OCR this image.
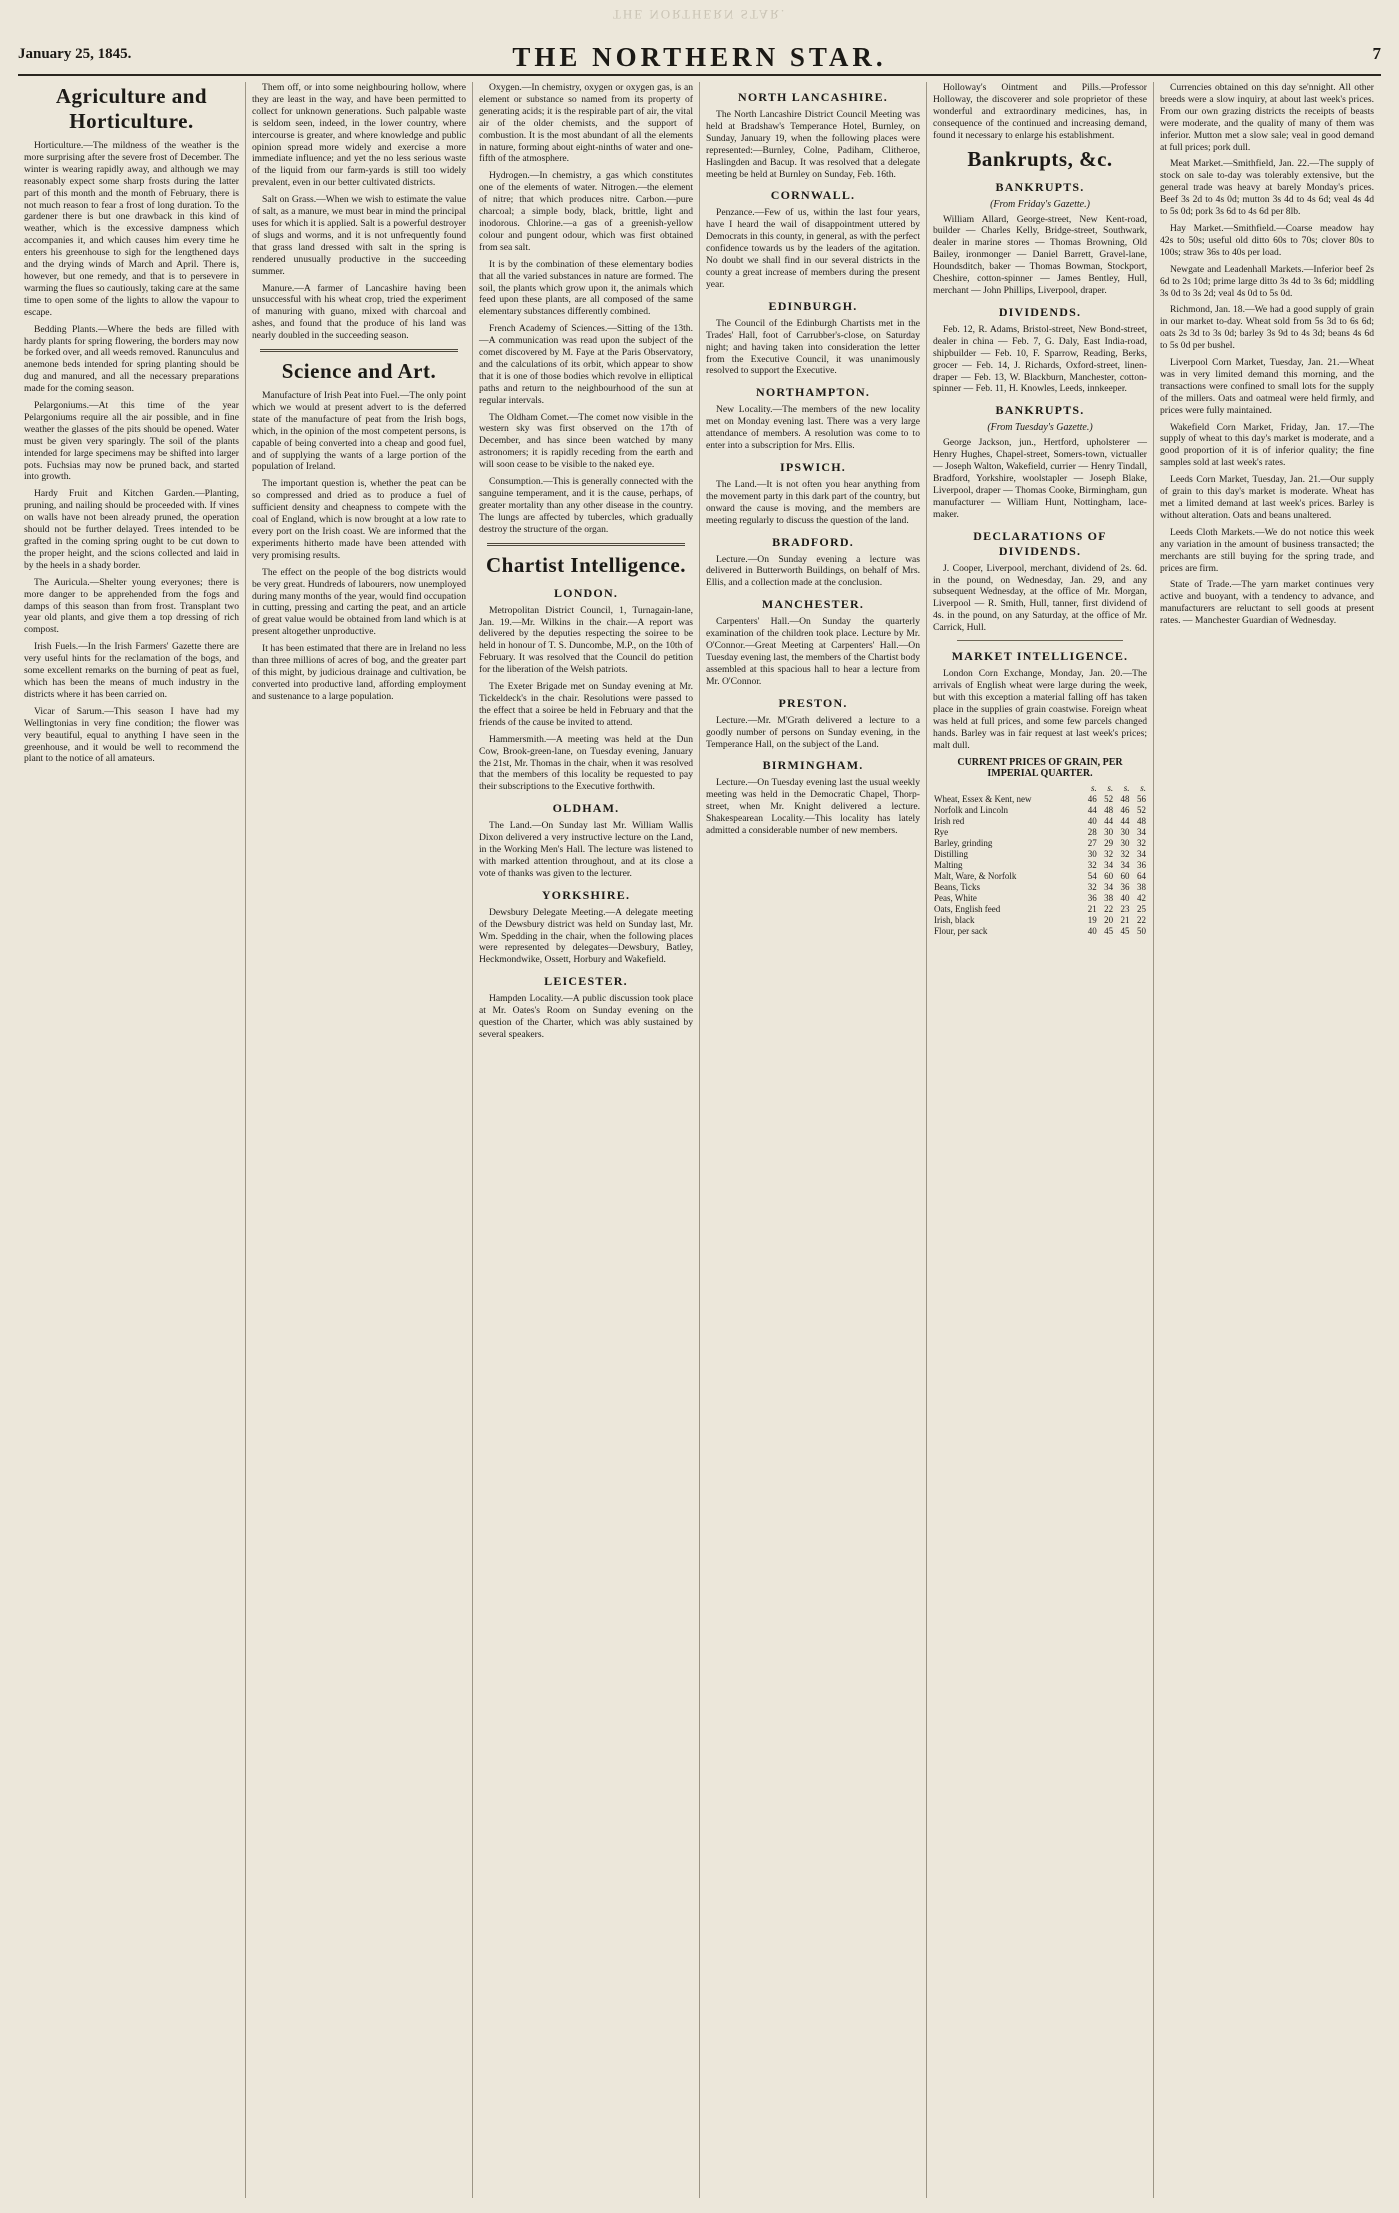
THE NORTHERN STAR.
January 25, 1845.	THE NORTHERN STAR.	7
Agriculture and Horticulture.

Horticulture.—The mildness of the weather is the more surprising after the severe frost of December. The winter is wearing rapidly away, and although we may reasonably expect some sharp frosts during the latter part of this month and the month of February, there is not much reason to fear a frost of long duration. To the gardener there is but one drawback in this kind of weather, which is the excessive dampness which accompanies it, and which causes him every time he enters his greenhouse to sigh for the lengthened days and the drying winds of March and April. There is, however, but one remedy, and that is to persevere in warming the flues so cautiously, taking care at the same time to open some of the lights to allow the vapour to escape.

Bedding Plants.—Where the beds are filled with hardy plants for spring flowering, the borders may now be forked over, and all weeds removed. Ranunculus and anemone beds intended for spring planting should be dug and manured, and all the necessary preparations made for the coming season.

Pelargoniums.—At this time of the year Pelargoniums require all the air possible, and in fine weather the glasses of the pits should be opened. Water must be given very sparingly. The soil of the plants intended for large specimens may be shifted into larger pots. Fuchsias may now be pruned back, and started into growth.

Hardy Fruit and Kitchen Garden.—Planting, pruning, and nailing should be proceeded with. If vines on walls have not been already pruned, the operation should not be further delayed. Trees intended to be grafted in the coming spring ought to be cut down to the proper height, and the scions collected and laid in by the heels in a shady border.

The Auricula.—Shelter young everyones; there is more danger to be apprehended from the fogs and damps of this season than from frost. Transplant two year old plants, and give them a top dressing of rich compost.

Irish Fuels.—In the Irish Farmers' Gazette there are very useful hints for the reclamation of the bogs, and some excellent remarks on the burning of peat as fuel, which has been the means of much industry in the districts where it has been carried on.

Vicar of Sarum.—This season I have had my Wellingtonias in very fine condition; the flower was very beautiful, equal to anything I have seen in the greenhouse, and it would be well to recommend the plant to the notice of all amateurs.

Them off, or into some neighbouring hollow, where they are least in the way, and have been permitted to collect for unknown generations. Such palpable waste is seldom seen, indeed, in the lower country, where intercourse is greater, and where knowledge and public opinion spread more widely and exercise a more immediate influence; and yet the no less serious waste of the liquid from our farm-yards is still too widely prevalent, even in our better cultivated districts.

Salt on Grass.—When we wish to estimate the value of salt, as a manure, we must bear in mind the principal uses for which it is applied. Salt is a powerful destroyer of slugs and worms, and it is not unfrequently found that grass land dressed with salt in the spring is rendered unusually productive in the succeeding summer.

Manure.—A farmer of Lancashire having been unsuccessful with his wheat crop, tried the experiment of manuring with guano, mixed with charcoal and ashes, and found that the produce of his land was nearly doubled in the succeeding season.

Science and Art.

Manufacture of Irish Peat into Fuel.—The only point which we would at present advert to is the deferred state of the manufacture of peat from the Irish bogs, which, in the opinion of the most competent persons, is capable of being converted into a cheap and good fuel, and of supplying the wants of a large portion of the population of Ireland.

The important question is, whether the peat can be so compressed and dried as to produce a fuel of sufficient density and cheapness to compete with the coal of England, which is now brought at a low rate to every port on the Irish coast. We are informed that the experiments hitherto made have been attended with very promising results.

The effect on the people of the bog districts would be very great. Hundreds of labourers, now unemployed during many months of the year, would find occupation in cutting, pressing and carting the peat, and an article of great value would be obtained from land which is at present altogether unproductive.

It has been estimated that there are in Ireland no less than three millions of acres of bog, and the greater part of this might, by judicious drainage and cultivation, be converted into productive land, affording employment and sustenance to a large population.

Oxygen.—In chemistry, oxygen or oxygen gas, is an element or substance so named from its property of generating acids; it is the respirable part of air, the vital air of the older chemists, and the support of combustion. It is the most abundant of all the elements in nature, forming about eight-ninths of water and one-fifth of the atmosphere.

Hydrogen.—In chemistry, a gas which constitutes one of the elements of water. Nitrogen.—the element of nitre; that which produces nitre. Carbon.—pure charcoal; a simple body, black, brittle, light and inodorous. Chlorine.—a gas of a greenish-yellow colour and pungent odour, which was first obtained from sea salt.

It is by the combination of these elementary bodies that all the varied substances in nature are formed. The soil, the plants which grow upon it, the animals which feed upon these plants, are all composed of the same elementary substances differently combined.

French Academy of Sciences.—Sitting of the 13th.—A communication was read upon the subject of the comet discovered by M. Faye at the Paris Observatory, and the calculations of its orbit, which appear to show that it is one of those bodies which revolve in elliptical paths and return to the neighbourhood of the sun at regular intervals.

The Oldham Comet.—The comet now visible in the western sky was first observed on the 17th of December, and has since been watched by many astronomers; it is rapidly receding from the earth and will soon cease to be visible to the naked eye.

Consumption.—This is generally connected with the sanguine temperament, and it is the cause, perhaps, of greater mortality than any other disease in the country. The lungs are affected by tubercles, which gradually destroy the structure of the organ.

Chartist Intelligence.
LONDON.

Metropolitan District Council, 1, Turnagain-lane, Jan. 19.—Mr. Wilkins in the chair.—A report was delivered by the deputies respecting the soiree to be held in honour of T. S. Duncombe, M.P., on the 10th of February. It was resolved that the Council do petition for the liberation of the Welsh patriots.

The Exeter Brigade met on Sunday evening at Mr. Tickeldeck's in the chair. Resolutions were passed to the effect that a soiree be held in February and that the friends of the cause be invited to attend.

Hammersmith.—A meeting was held at the Dun Cow, Brook-green-lane, on Tuesday evening, January the 21st, Mr. Thomas in the chair, when it was resolved that the members of this locality be requested to pay their subscriptions to the Executive forthwith.

OLDHAM.

The Land.—On Sunday last Mr. William Wallis Dixon delivered a very instructive lecture on the Land, in the Working Men's Hall. The lecture was listened to with marked attention throughout, and at its close a vote of thanks was given to the lecturer.

YORKSHIRE.

Dewsbury Delegate Meeting.—A delegate meeting of the Dewsbury district was held on Sunday last, Mr. Wm. Spedding in the chair, when the following places were represented by delegates—Dewsbury, Batley, Heckmondwike, Ossett, Horbury and Wakefield.

LEICESTER.

Hampden Locality.—A public discussion took place at Mr. Oates's Room on Sunday evening on the question of the Charter, which was ably sustained by several speakers.

NORTH LANCASHIRE.

The North Lancashire District Council Meeting was held at Bradshaw's Temperance Hotel, Burnley, on Sunday, January 19, when the following places were represented:—Burnley, Colne, Padiham, Clitheroe, Haslingden and Bacup. It was resolved that a delegate meeting be held at Burnley on Sunday, Feb. 16th.

CORNWALL.

Penzance.—Few of us, within the last four years, have I heard the wail of disappointment uttered by Democrats in this county, in general, as with the perfect confidence towards us by the leaders of the agitation. No doubt we shall find in our several districts in the county a great increase of members during the present year.

EDINBURGH.

The Council of the Edinburgh Chartists met in the Trades' Hall, foot of Carrubber's-close, on Saturday night; and having taken into consideration the letter from the Executive Council, it was unanimously resolved to support the Executive.

NORTHAMPTON.

New Locality.—The members of the new locality met on Monday evening last. There was a very large attendance of members. A resolution was come to to enter into a subscription for Mrs. Ellis.

IPSWICH.

The Land.—It is not often you hear anything from the movement party in this dark part of the country, but onward the cause is moving, and the members are meeting regularly to discuss the question of the land.

BRADFORD.

Lecture.—On Sunday evening a lecture was delivered in Butterworth Buildings, on behalf of Mrs. Ellis, and a collection made at the conclusion.

MANCHESTER.

Carpenters' Hall.—On Sunday the quarterly examination of the children took place. Lecture by Mr. O'Connor.—Great Meeting at Carpenters' Hall.—On Tuesday evening last, the members of the Chartist body assembled at this spacious hall to hear a lecture from Mr. O'Connor.

PRESTON.

Lecture.—Mr. M'Grath delivered a lecture to a goodly number of persons on Sunday evening, in the Temperance Hall, on the subject of the Land.

BIRMINGHAM.

Lecture.—On Tuesday evening last the usual weekly meeting was held in the Democratic Chapel, Thorp-street, when Mr. Knight delivered a lecture. Shakespearean Locality.—This locality has lately admitted a considerable number of new members.

Holloway's Ointment and Pills.—Professor Holloway, the discoverer and sole proprietor of these wonderful and extraordinary medicines, has, in consequence of the continued and increasing demand, found it necessary to enlarge his establishment.

Bankrupts, &c.
BANKRUPTS.
(From Friday's Gazette.)

William Allard, George-street, New Kent-road, builder — Charles Kelly, Bridge-street, Southwark, dealer in marine stores — Thomas Browning, Old Bailey, ironmonger — Daniel Barrett, Gravel-lane, Houndsditch, baker — Thomas Bowman, Stockport, Cheshire, cotton-spinner — James Bentley, Hull, merchant — John Phillips, Liverpool, draper.

DIVIDENDS.

Feb. 12, R. Adams, Bristol-street, New Bond-street, dealer in china — Feb. 7, G. Daly, East India-road, shipbuilder — Feb. 10, F. Sparrow, Reading, Berks, grocer — Feb. 14, J. Richards, Oxford-street, linen-draper — Feb. 13, W. Blackburn, Manchester, cotton-spinner — Feb. 11, H. Knowles, Leeds, innkeeper.

BANKRUPTS.
(From Tuesday's Gazette.)

George Jackson, jun., Hertford, upholsterer — Henry Hughes, Chapel-street, Somers-town, victualler — Joseph Walton, Wakefield, currier — Henry Tindall, Bradford, Yorkshire, woolstapler — Joseph Blake, Liverpool, draper — Thomas Cooke, Birmingham, gun manufacturer — William Hunt, Nottingham, lace-maker.

DECLARATIONS OF DIVIDENDS.

J. Cooper, Liverpool, merchant, dividend of 2s. 6d. in the pound, on Wednesday, Jan. 29, and any subsequent Wednesday, at the office of Mr. Morgan, Liverpool — R. Smith, Hull, tanner, first dividend of 4s. in the pound, on any Saturday, at the office of Mr. Carrick, Hull.

MARKET INTELLIGENCE.

London Corn Exchange, Monday, Jan. 20.—The arrivals of English wheat were large during the week, but with this exception a material falling off has taken place in the supplies of grain coastwise. Foreign wheat was held at full prices, and some few parcels changed hands. Barley was in fair request at last week's prices; malt dull.

CURRENT PRICES OF GRAIN, PER IMPERIAL QUARTER.
	s.	s.	s.	s.
Wheat, Essex & Kent, new	46	52	48	56
Norfolk and Lincoln	44	48	46	52
Irish red	40	44	44	48
Rye	28	30	30	34
Barley, grinding	27	29	30	32
Distilling	30	32	32	34
Malting	32	34	34	36
Malt, Ware, & Norfolk	54	60	60	64
Beans, Ticks	32	34	36	38
Peas, White	36	38	40	42
Oats, English feed	21	22	23	25
Irish, black	19	20	21	22
Flour, per sack	40	45	45	50

Currencies obtained on this day se'nnight. All other breeds were a slow inquiry, at about last week's prices. From our own grazing districts the receipts of beasts were moderate, and the quality of many of them was inferior. Mutton met a slow sale; veal in good demand at full prices; pork dull.

Meat Market.—Smithfield, Jan. 22.—The supply of stock on sale to-day was tolerably extensive, but the general trade was heavy at barely Monday's prices. Beef 3s 2d to 4s 0d; mutton 3s 4d to 4s 6d; veal 4s 4d to 5s 0d; pork 3s 6d to 4s 6d per 8lb.

Hay Market.—Smithfield.—Coarse meadow hay 42s to 50s; useful old ditto 60s to 70s; clover 80s to 100s; straw 36s to 40s per load.

Newgate and Leadenhall Markets.—Inferior beef 2s 6d to 2s 10d; prime large ditto 3s 4d to 3s 6d; middling 3s 0d to 3s 2d; veal 4s 0d to 5s 0d.

Richmond, Jan. 18.—We had a good supply of grain in our market to-day. Wheat sold from 5s 3d to 6s 6d; oats 2s 3d to 3s 0d; barley 3s 9d to 4s 3d; beans 4s 6d to 5s 0d per bushel.

Liverpool Corn Market, Tuesday, Jan. 21.—Wheat was in very limited demand this morning, and the transactions were confined to small lots for the supply of the millers. Oats and oatmeal were held firmly, and prices were fully maintained.

Wakefield Corn Market, Friday, Jan. 17.—The supply of wheat to this day's market is moderate, and a good proportion of it is of inferior quality; the fine samples sold at last week's rates.

Leeds Corn Market, Tuesday, Jan. 21.—Our supply of grain to this day's market is moderate. Wheat has met a limited demand at last week's prices. Barley is without alteration. Oats and beans unaltered.

Leeds Cloth Markets.—We do not notice this week any variation in the amount of business transacted; the merchants are still buying for the spring trade, and prices are firm.

State of Trade.—The yarn market continues very active and buoyant, with a tendency to advance, and manufacturers are reluctant to sell goods at present rates. — Manchester Guardian of Wednesday.
